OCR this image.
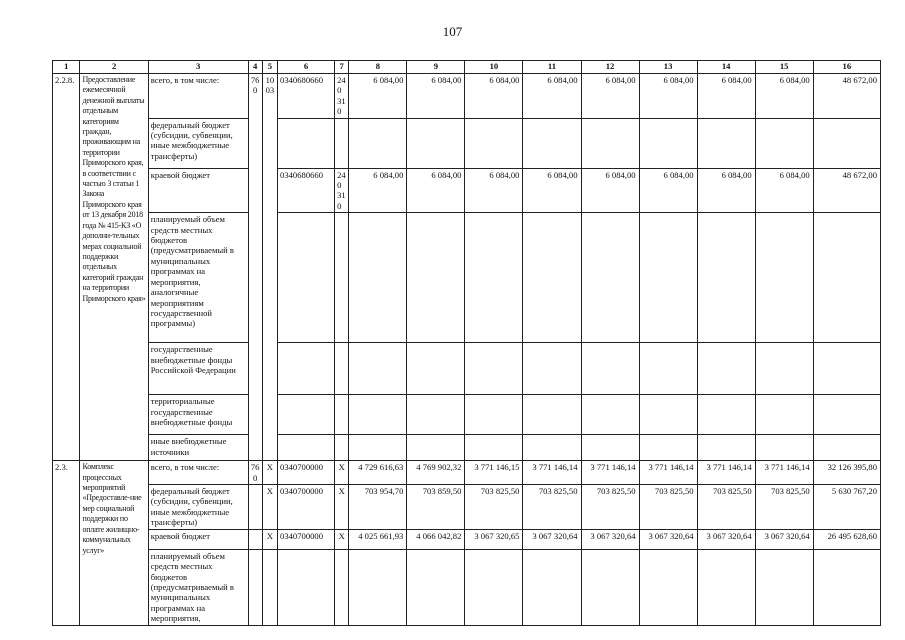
107
1	2	3	4	5	6	7	8	9	10	11	12	13	14	15	16
2.2.8.	Предоставление ежемесячной денежной выплаты отдельным категориям граждан, проживающим на территории Приморского края, в соответствии с частью 3 статьи 1 Закона Приморского края от 13 декабря 2018 года № 415-КЗ «О дополни-тельных мерах социальной поддержки отдельных категорий граждан на территории Приморского края»	всего, в том числе:	760	1003	0340680660	240 310	6 084,00	6 084,00	6 084,00	6 084,00	6 084,00	6 084,00	6 084,00	6 084,00	48 672,00
		федеральный бюджет (субсидии, субвенции, иные межбюджетные трансферты)													
		краевой бюджет			0340680660	240 310	6 084,00	6 084,00	6 084,00	6 084,00	6 084,00	6 084,00	6 084,00	6 084,00	48 672,00
		планируемый объем средств местных бюджетов (предусматриваемый в муниципальных программах на мероприятия, аналогичные мероприятиям государственной программы)													
		государственные внебюджетные фонды Российской Федерации													
		территориальные государственные внебюджетные фонды													
		иные внебюджетные источники													
2.3.	Комплекс процессных мероприятий «Предоставле-ние мер социальной поддержки по оплате жилищно-коммунальных услуг»	всего, в том числе:	760	X	0340700000	X	4 729 616,63	4 769 902,32	3 771 146,15	3 771 146,14	3 771 146,14	3 771 146,14	3 771 146,14	3 771 146,14	32 126 395,80
		федеральный бюджет (субсидии, субвенции, иные межбюджетные трансферты)		X	0340700000	X	703 954,70	703 859,50	703 825,50	703 825,50	703 825,50	703 825,50	703 825,50	703 825,50	5 630 767,20
		краевой бюджет		X	0340700000	X	4 025 661,93	4 066 042,82	3 067 320,65	3 067 320,64	3 067 320,64	3 067 320,64	3 067 320,64	3 067 320,64	26 495 628,60
		планируемый объем средств местных бюджетов (предусматриваемый в муниципальных программах на мероприятия,													
